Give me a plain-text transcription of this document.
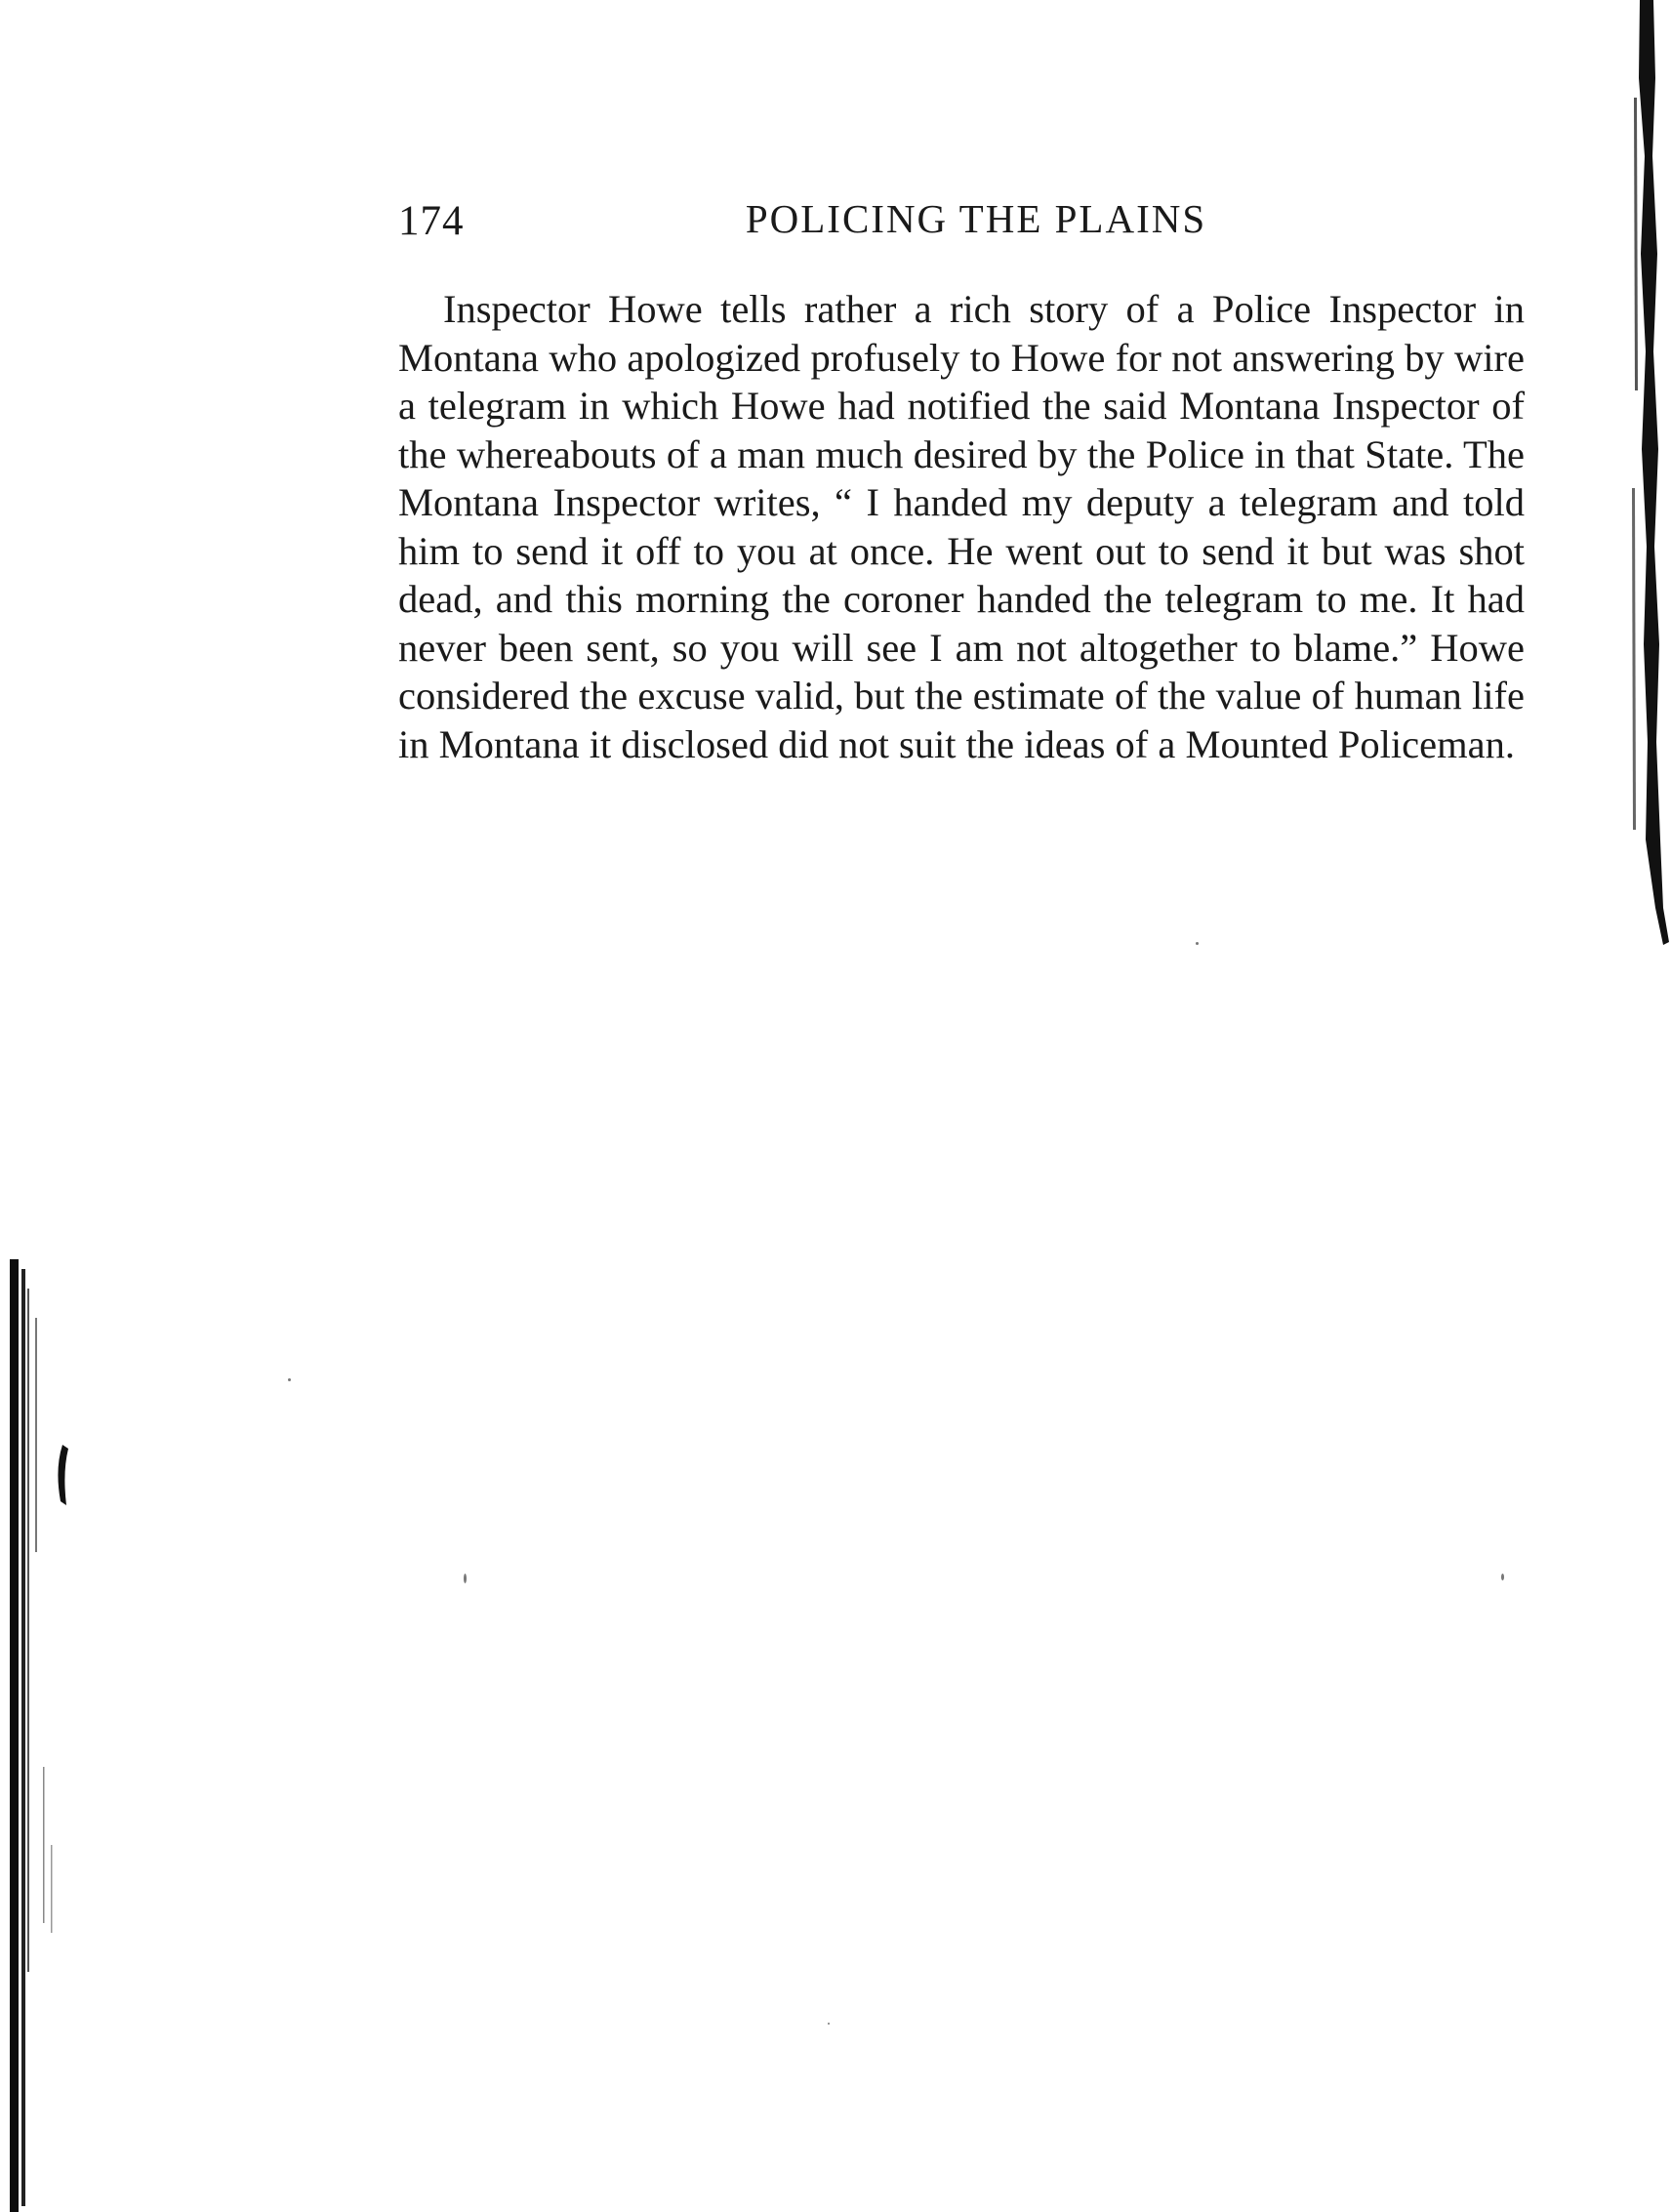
174	POLICING THE PLAINS

Inspector Howe tells rather a rich story of a Police Inspector in Montana who apologized profusely to Howe for not answering by wire a telegram in which Howe had notified the said Montana Inspector of the whereabouts of a man much desired by the Police in that State. The Montana Inspector writes, “ I handed my deputy a telegram and told him to send it off to you at once. He went out to send it but was shot dead, and this morning the coroner handed the telegram to me. It had never been sent, so you will see I am not altogether to blame.” Howe considered the excuse valid, but the estimate of the value of human life in Montana it disclosed did not suit the ideas of a Mounted Policeman.
